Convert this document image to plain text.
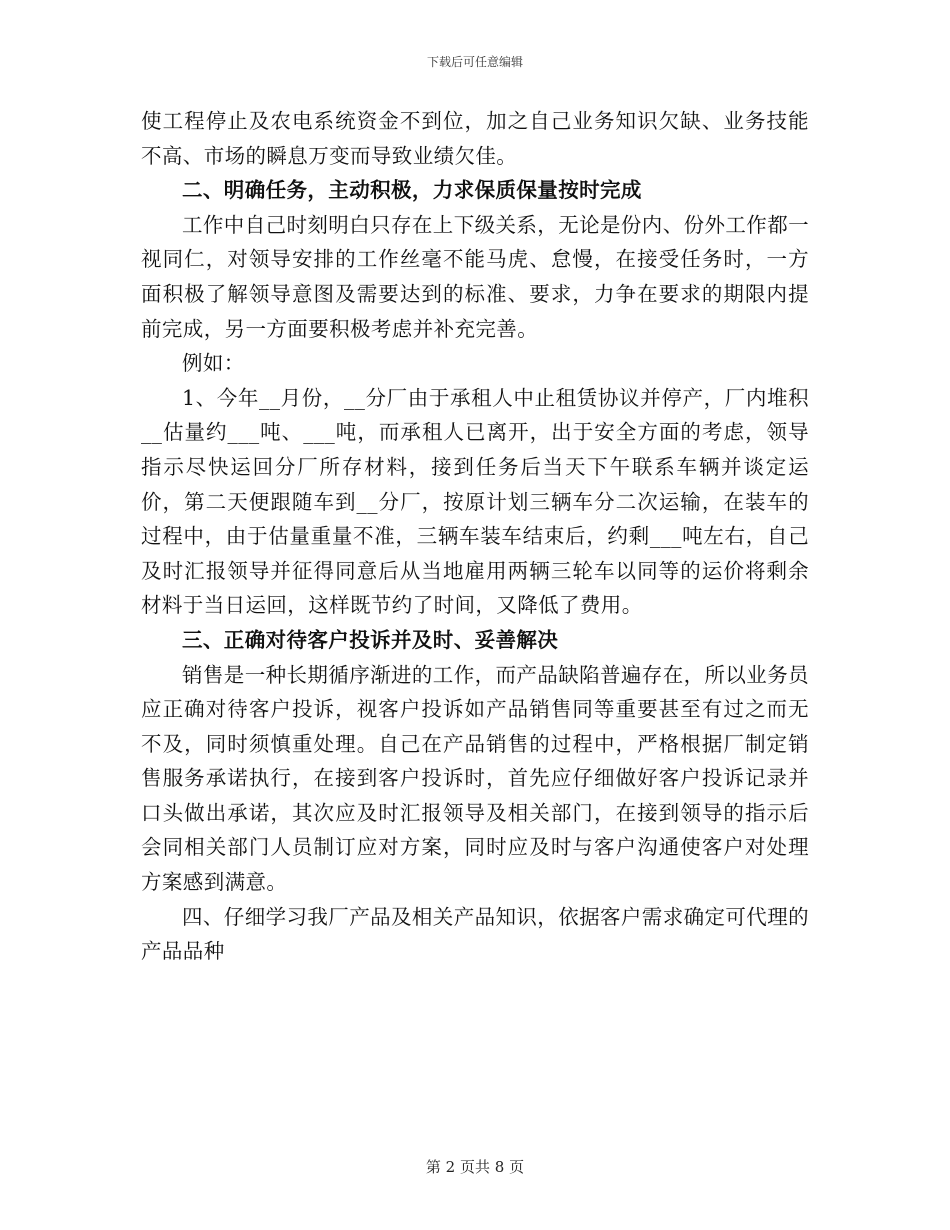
下载后可任意编辑

使工程停止及农电系统资金不到位，加之自己业务知识欠缺、业务技能不高、市场的瞬息万变而导致业绩欠佳。

二、明确任务，主动积极，力求保质保量按时完成

工作中自己时刻明白只存在上下级关系，无论是份内、份外工作都一视同仁，对领导安排的工作丝毫不能马虎、怠慢，在接受任务时，一方面积极了解领导意图及需要达到的标准、要求，力争在要求的期限内提前完成，另一方面要积极考虑并补充完善。

例如：

1、今年__月份，__分厂由于承租人中止租赁协议并停产，厂内堆积__估量约___吨、___吨，而承租人已离开，出于安全方面的考虑，领导指示尽快运回分厂所存材料，接到任务后当天下午联系车辆并谈定运价，第二天便跟随车到__分厂，按原计划三辆车分二次运输，在装车的过程中，由于估量重量不准，三辆车装车结束后，约剩___吨左右，自己及时汇报领导并征得同意后从当地雇用两辆三轮车以同等的运价将剩余材料于当日运回，这样既节约了时间，又降低了费用。

三、正确对待客户投诉并及时、妥善解决

销售是一种长期循序渐进的工作，而产品缺陷普遍存在，所以业务员应正确对待客户投诉，视客户投诉如产品销售同等重要甚至有过之而无不及，同时须慎重处理。自己在产品销售的过程中，严格根据厂制定销售服务承诺执行，在接到客户投诉时，首先应仔细做好客户投诉记录并口头做出承诺，其次应及时汇报领导及相关部门，在接到领导的指示后会同相关部门人员制订应对方案，同时应及时与客户沟通使客户对处理方案感到满意。

四、仔细学习我厂产品及相关产品知识，依据客户需求确定可代理的产品品种

第 2 页共 8 页
